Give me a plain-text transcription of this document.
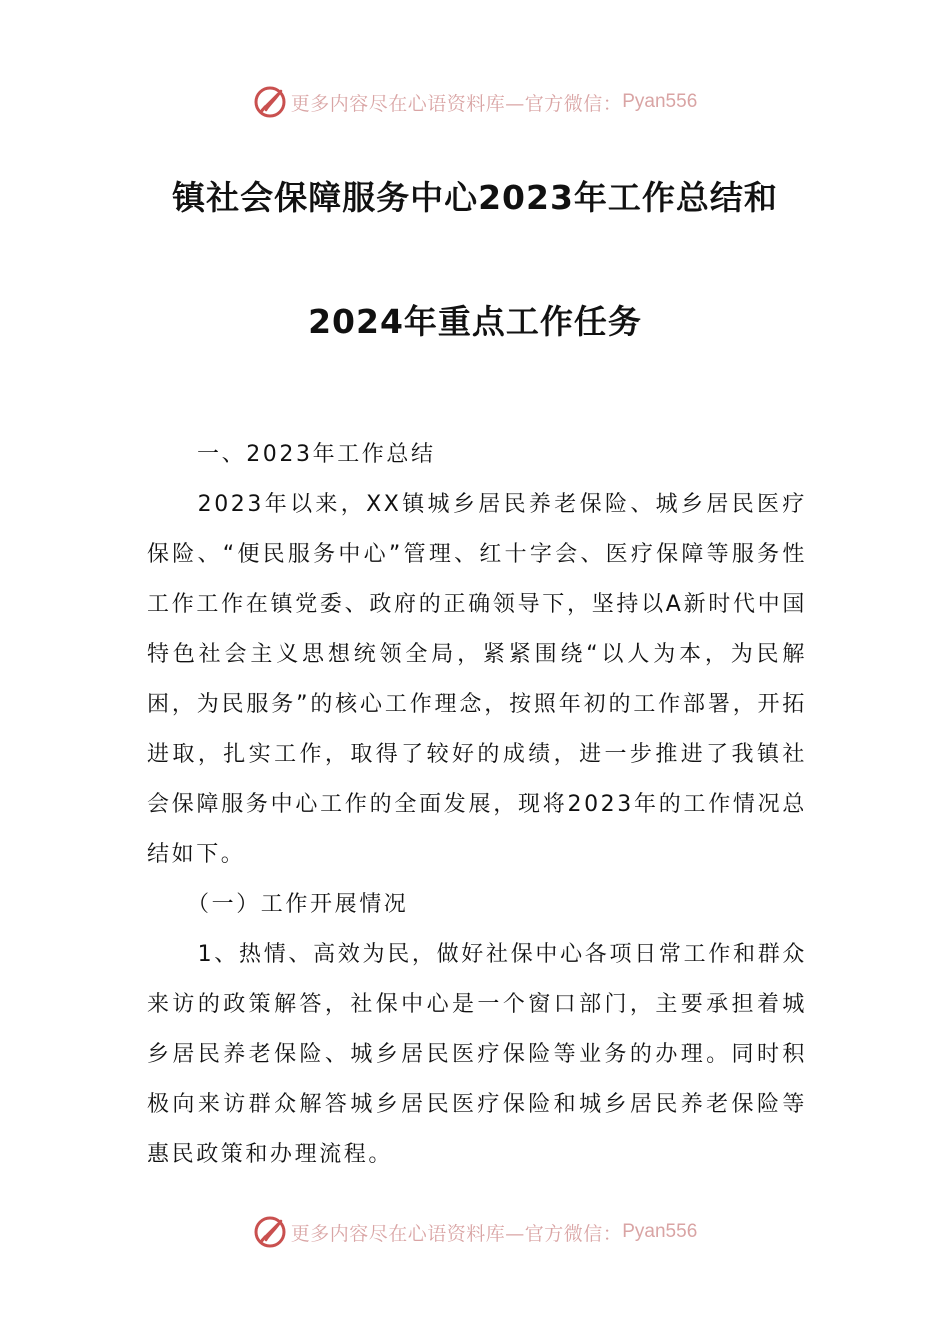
更多内容尽在心语资料库—官方微信： Pyan556
镇社会保障服务中心2023年工作总结和
2024年重点工作任务

一、2023年工作总结

2023年以来，XX镇城乡居民养老保险、城乡居民医疗保险、“便民服务中心”管理、红十字会、医疗保障等服务性工作工作在镇党委、政府的正确领导下，坚持以A新时代中国特色社会主义思想统领全局，紧紧围绕“以人为本，为民解困，为民服务”的核心工作理念，按照年初的工作部署，开拓进取，扎实工作，取得了较好的成绩，进一步推进了我镇社会保障服务中心工作的全面发展，现将2023年的工作情况总结如下。

（一）工作开展情况

1、热情、高效为民，做好社保中心各项日常工作和群众来访的政策解答，社保中心是一个窗口部门，主要承担着城乡居民养老保险、城乡居民医疗保险等业务的办理。同时积极向来访群众解答城乡居民医疗保险和城乡居民养老保险等惠民政策和办理流程。

更多内容尽在心语资料库—官方微信： Pyan556
